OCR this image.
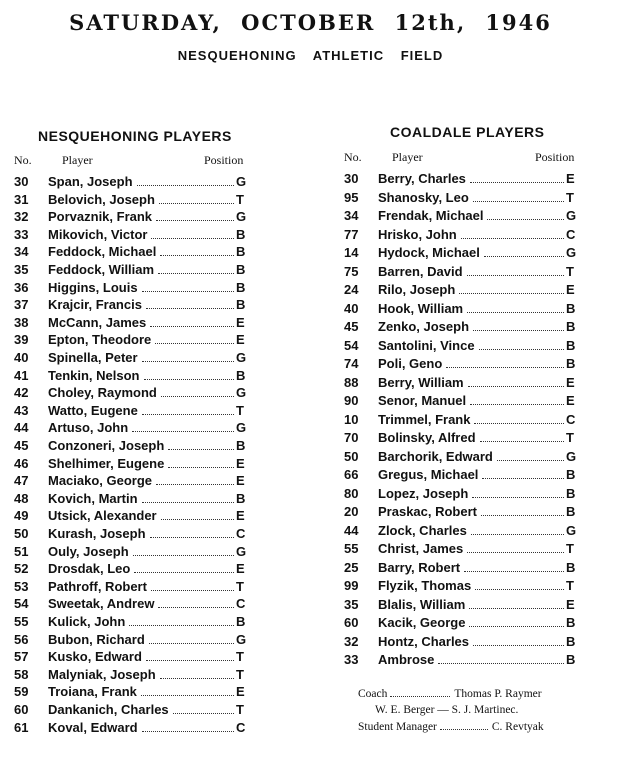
SATURDAY, OCTOBER 12th, 1946
NESQUEHONING ATHLETIC FIELD
NESQUEHONING PLAYERS
No.	Player	Position
30	Span, Joseph	G
31	Belovich, Joseph	T
32	Porvaznik, Frank	G
33	Mikovich, Victor	B
34	Feddock, Michael	B
35	Feddock, William	B
36	Higgins, Louis	B
37	Krajcir, Francis	B
38	McCann, James	E
39	Epton, Theodore	E
40	Spinella, Peter	G
41	Tenkin, Nelson	B
42	Choley, Raymond	G
43	Watto, Eugene	T
44	Artuso, John	G
45	Conzoneri, Joseph	B
46	Shelhimer, Eugene	E
47	Maciako, George	E
48	Kovich, Martin	B
49	Utsick, Alexander	E
50	Kurash, Joseph	C
51	Ouly, Joseph	G
52	Drosdak, Leo	E
53	Pathroff, Robert	T
54	Sweetak, Andrew	C
55	Kulick, John	B
56	Bubon, Richard	G
57	Kusko, Edward	T
58	Malyniak, Joseph	T
59	Troiana, Frank	E
60	Dankanich, Charles	T
61	Koval, Edward	C
COALDALE PLAYERS
No.	Player	Position
30	Berry, Charles	E
95	Shanosky, Leo	T
34	Frendak, Michael	G
77	Hrisko, John	C
14	Hydock, Michael	G
75	Barren, David	T
24	Rilo, Joseph	E
40	Hook, William	B
45	Zenko, Joseph	B
54	Santolini, Vince	B
74	Poli, Geno	B
88	Berry, William	E
90	Senor, Manuel	E
10	Trimmel, Frank	C
70	Bolinsky, Alfred	T
50	Barchorik, Edward	G
66	Gregus, Michael	B
80	Lopez, Joseph	B
20	Praskac, Robert	B
44	Zlock, Charles	G
55	Christ, James	T
25	Barry, Robert	B
99	Flyzik, Thomas	T
35	Blalis, William	E
60	Kacik, George	B
32	Hontz, Charles	B
33	Ambrose	B
Coach	Thomas P. Raymer
W. E. Berger — S. J. Martinec.
Student Manager	C. Revtyak
